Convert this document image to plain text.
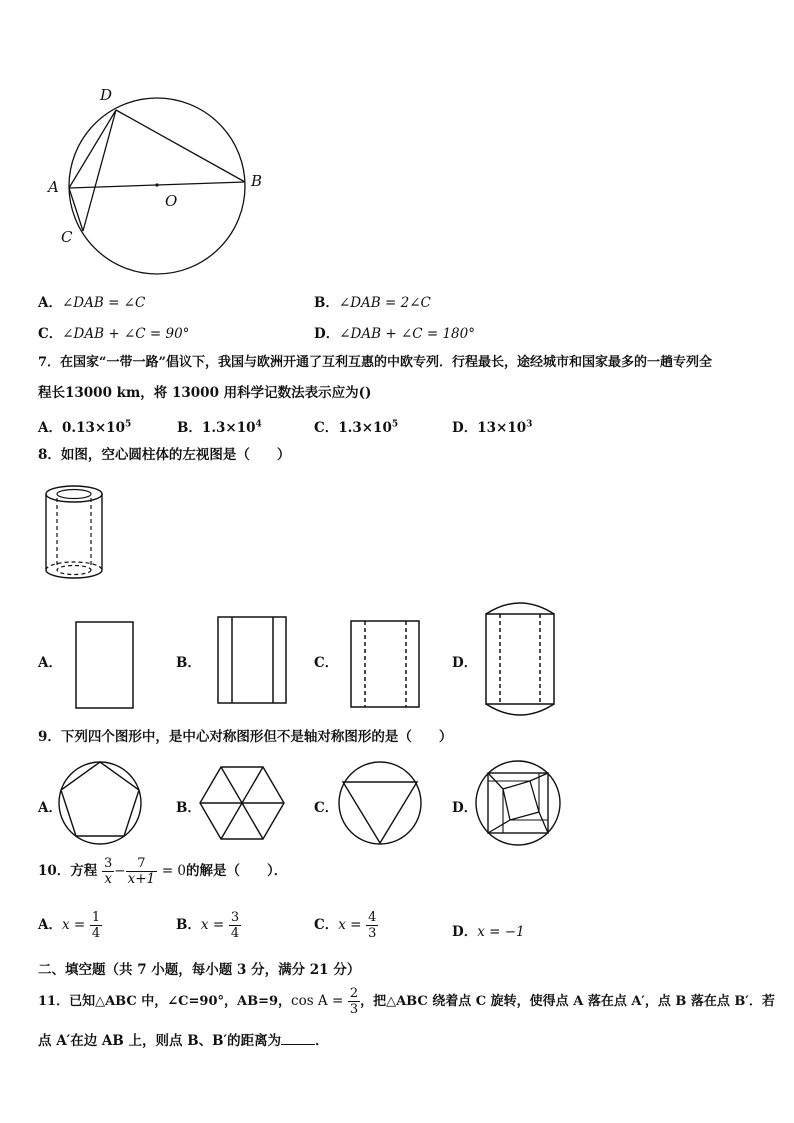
D
A	B
O
C
A．∠DAB = ∠C	B．∠DAB = 2∠C
C．∠DAB + ∠C = 90°	D．∠DAB + ∠C = 180°
7．在国家“一带一路”倡议下，我国与欧洲开通了互利互惠的中欧专列．行程最长，途经城市和国家最多的一趟专列全
程长13000 km，将 13000 用科学记数法表示应为()
A．$0.13\times 10^5$	B．$1.3\times 10^4$	C．$1.3\times 10^5$	D．$13\times 10^3$
8．如图，空心圆柱体的左视图是（　　）
A．	B．	C．	D．
9．下列四个图形中，是中心对称图形但不是轴对称图形的是（　　）
A．	B．	C．	D．
10．方程 $\frac{3}{x} - \frac{7}{x+1} = 0$的解是（　　）．
A．$x = \frac{1}{4}$	B．$x = \frac{3}{4}$	C．$x = \frac{4}{3}$	D．x = −1
二、填空题（共 7 小题，每小题 3 分，满分 21 分）
11．已知△ABC 中，∠C=90°，AB=9，$\cos A = \frac{2}{3}$ ，把△ABC 绕着点 C 旋转，使得点 A 落在点 A′，点 B 落在点 B′．若
点 A′在边 AB 上，则点 B、B′的距离为	．
